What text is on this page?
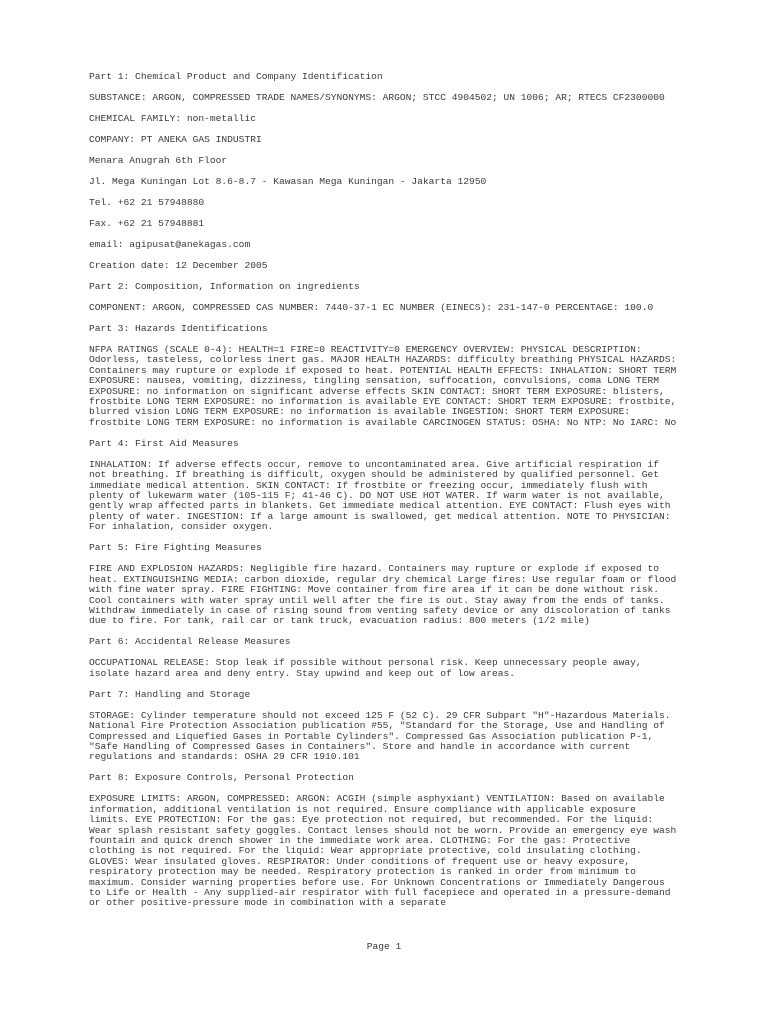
Part 1: Chemical Product and Company Identification

SUBSTANCE: ARGON, COMPRESSED TRADE NAMES/SYNONYMS: ARGON; STCC 4904502; UN 1006; AR; RTECS CF2300000

CHEMICAL FAMILY: non-metallic

COMPANY: PT ANEKA GAS INDUSTRI

Menara Anugrah 6th Floor

Jl. Mega Kuningan Lot 8.6-8.7 - Kawasan Mega Kuningan - Jakarta 12950

Tel. +62 21 57948880

Fax. +62 21 57948881

email: agipusat@anekagas.com

Creation date: 12 December 2005

Part 2: Composition, Information on ingredients

COMPONENT: ARGON, COMPRESSED CAS NUMBER: 7440-37-1 EC NUMBER (EINECS): 231-147-0 PERCENTAGE: 100.0

Part 3: Hazards Identifications

NFPA RATINGS (SCALE 0-4): HEALTH=1 FIRE=0 REACTIVITY=0 EMERGENCY OVERVIEW: PHYSICAL DESCRIPTION: Odorless, tasteless, colorless inert gas. MAJOR HEALTH HAZARDS: difficulty breathing PHYSICAL HAZARDS: Containers may rupture or explode if exposed to heat. POTENTIAL HEALTH EFFECTS: INHALATION: SHORT TERM EXPOSURE: nausea, vomiting, dizziness, tingling sensation, suffocation, convulsions, coma LONG TERM EXPOSURE: no information on significant adverse effects SKIN CONTACT: SHORT TERM EXPOSURE: blisters, frostbite LONG TERM EXPOSURE: no information is available EYE CONTACT: SHORT TERM EXPOSURE: frostbite, blurred vision LONG TERM EXPOSURE: no information is available INGESTION: SHORT TERM EXPOSURE: frostbite LONG TERM EXPOSURE: no information is available CARCINOGEN STATUS: OSHA: No NTP: No IARC: No

Part 4: First Aid Measures

INHALATION: If adverse effects occur, remove to uncontaminated area. Give artificial respiration if not breathing. If breathing is difficult, oxygen should be administered by qualified personnel. Get immediate medical attention. SKIN CONTACT: If frostbite or freezing occur, immediately flush with plenty of lukewarm water (105-115 F; 41-46 C). DO NOT USE HOT WATER. If warm water is not available, gently wrap affected parts in blankets. Get immediate medical attention. EYE CONTACT: Flush eyes with plenty of water. INGESTION: If a large amount is swallowed, get medical attention. NOTE TO PHYSICIAN: For inhalation, consider oxygen.

Part 5: Fire Fighting Measures

FIRE AND EXPLOSION HAZARDS: Negligible fire hazard. Containers may rupture or explode if exposed to heat. EXTINGUISHING MEDIA: carbon dioxide, regular dry chemical Large fires: Use regular foam or flood with fine water spray. FIRE FIGHTING: Move container from fire area if it can be done without risk. Cool containers with water spray until well after the fire is out. Stay away from the ends of tanks. Withdraw immediately in case of rising sound from venting safety device or any discoloration of tanks due to fire. For tank, rail car or tank truck, evacuation radius: 800 meters (1/2 mile)

Part 6: Accidental Release Measures

OCCUPATIONAL RELEASE: Stop leak if possible without personal risk. Keep unnecessary people away, isolate hazard area and deny entry. Stay upwind and keep out of low areas.

Part 7: Handling and Storage

STORAGE: Cylinder temperature should not exceed 125 F (52 C). 29 CFR Subpart "H"-Hazardous Materials. National Fire Protection Association publication #55, "Standard for the Storage, Use and Handling of Compressed and Liquefied Gases in Portable Cylinders". Compressed Gas Association publication P-1, "Safe Handling of Compressed Gases in Containers". Store and handle in accordance with current regulations and standards: OSHA 29 CFR 1910.101

Part 8: Exposure Controls, Personal Protection

EXPOSURE LIMITS: ARGON, COMPRESSED: ARGON: ACGIH (simple asphyxiant) VENTILATION: Based on available information, additional ventilation is not required. Ensure compliance with applicable exposure limits. EYE PROTECTION: For the gas: Eye protection not required, but recommended. For the liquid: Wear splash resistant safety goggles. Contact lenses should not be worn. Provide an emergency eye wash fountain and quick drench shower in the immediate work area. CLOTHING: For the gas: Protective clothing is not required. For the liquid: Wear appropriate protective, cold insulating clothing. GLOVES: Wear insulated gloves. RESPIRATOR: Under conditions of frequent use or heavy exposure, respiratory protection may be needed. Respiratory protection is ranked in order from minimum to maximum. Consider warning properties before use. For Unknown Concentrations or Immediately Dangerous to Life or Health - Any supplied-air respirator with full facepiece and operated in a pressure-demand or other positive-pressure mode in combination with a separate

Page 1
